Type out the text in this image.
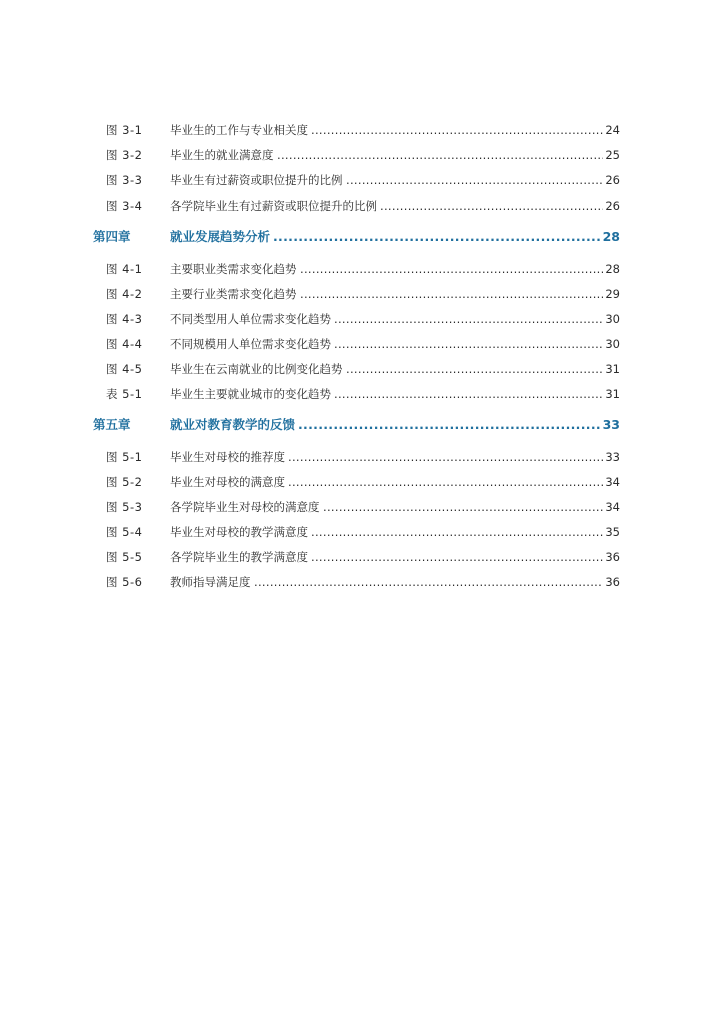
图 3-1 毕业生的工作与专业相关度 .....	24
图 3-2 毕业生的就业满意度 .....	25
图 3-3 毕业生有过薪资或职位提升的比例 .....	26
图 3-4 各学院毕业生有过薪资或职位提升的比例 .....	26
第四章	就业发展趋势分析 .....	28
图 4-1 主要职业类需求变化趋势 .....	28
图 4-2 主要行业类需求变化趋势 .....	29
图 4-3 不同类型用人单位需求变化趋势 .....	30
图 4-4 不同规模用人单位需求变化趋势 .....	30
图 4-5 毕业生在云南就业的比例变化趋势 .....	31
表 5-1 毕业生主要就业城市的变化趋势 .....	31
第五章	就业对教育教学的反馈 .....	33
图 5-1 毕业生对母校的推荐度 .....	33
图 5-2 毕业生对母校的满意度 .....	34
图 5-3 各学院毕业生对母校的满意度 .....	34
图 5-4 毕业生对母校的教学满意度 .....	35
图 5-5 各学院毕业生的教学满意度 .....	36
图 5-6 教师指导满足度 .....	36
